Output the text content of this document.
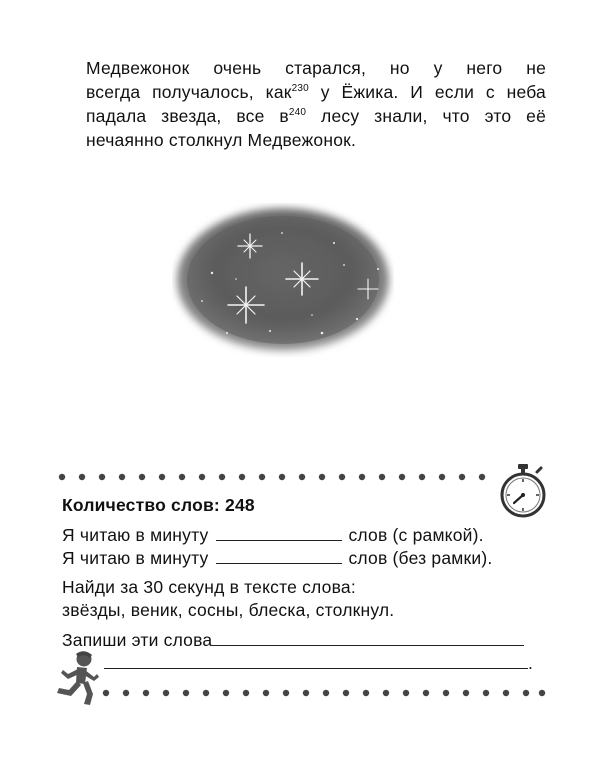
Медвежонок очень старался, но у него не
всегда получалось, как$^{230}$ у Ёжика. И если с неба
падала звезда, все $в^{240}$ лесу знали, что это её
нечаянно столкнул Медвежонок.
Количество слов: 248
Я читаю в минуту	слов (с рамкой).
Я читаю в минуту	слов (без рамки).
Найди за 30 секунд в тексте слова:
звёзды, веник, сосны, блеска, столкнул.
Запиши эти слова
.
